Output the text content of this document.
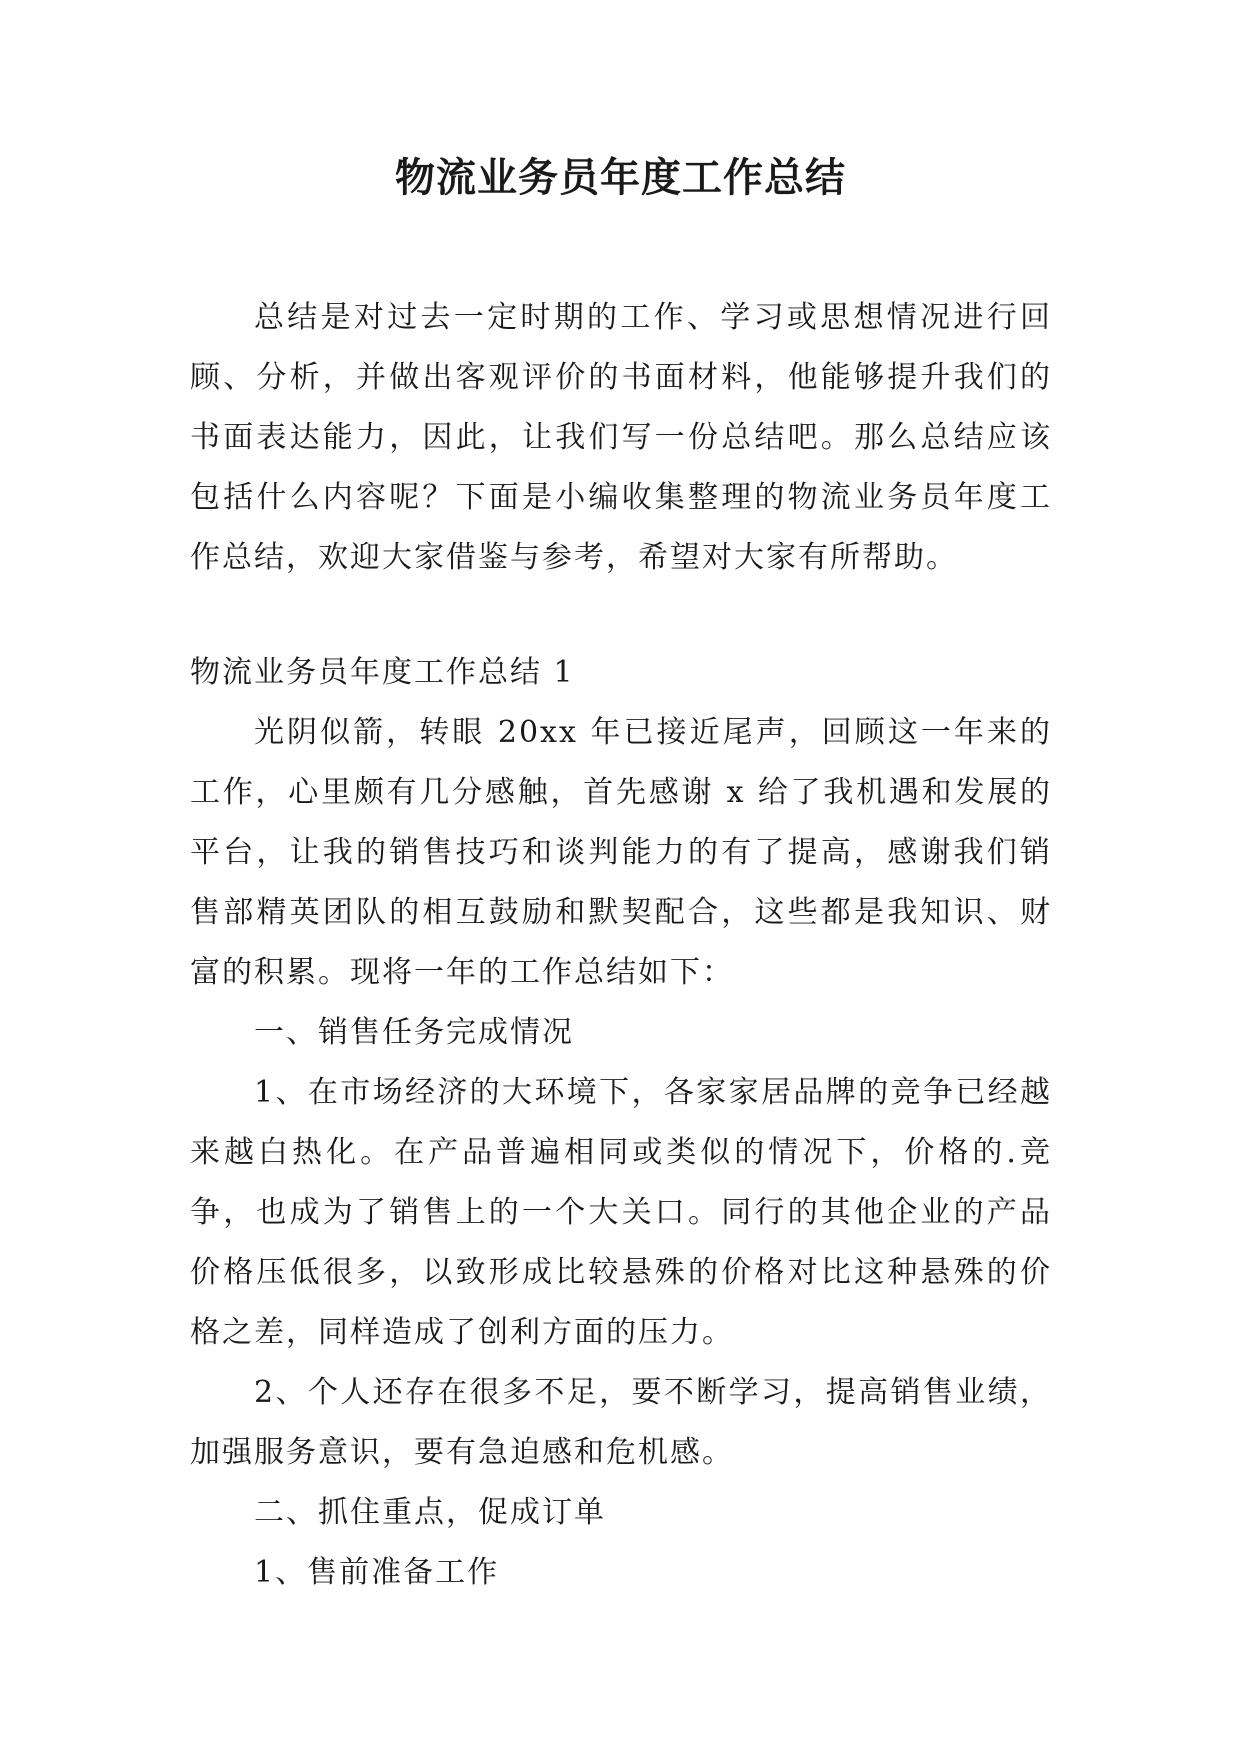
物流业务员年度工作总结

总结是对过去一定时期的工作、学习或思想情况进行回顾、分析，并做出客观评价的书面材料，他能够提升我们的书面表达能力，因此，让我们写一份总结吧。那么总结应该包括什么内容呢？下面是小编收集整理的物流业务员年度工作总结，欢迎大家借鉴与参考，希望对大家有所帮助。

物流业务员年度工作总结 1

光阴似箭，转眼 20xx 年已接近尾声，回顾这一年来的工作，心里颇有几分感触，首先感谢 x 给了我机遇和发展的平台，让我的销售技巧和谈判能力的有了提高，感谢我们销售部精英团队的相互鼓励和默契配合，这些都是我知识、财富的积累。现将一年的工作总结如下：

一、销售任务完成情况

1、在市场经济的大环境下，各家家居品牌的竞争已经越来越白热化。在产品普遍相同或类似的情况下，价格的.竞争，也成为了销售上的一个大关口。同行的其他企业的产品价格压低很多，以致形成比较悬殊的价格对比这种悬殊的价格之差，同样造成了创利方面的压力。

2、个人还存在很多不足，要不断学习，提高销售业绩，加强服务意识，要有急迫感和危机感。

二、抓住重点，促成订单

1、售前准备工作
